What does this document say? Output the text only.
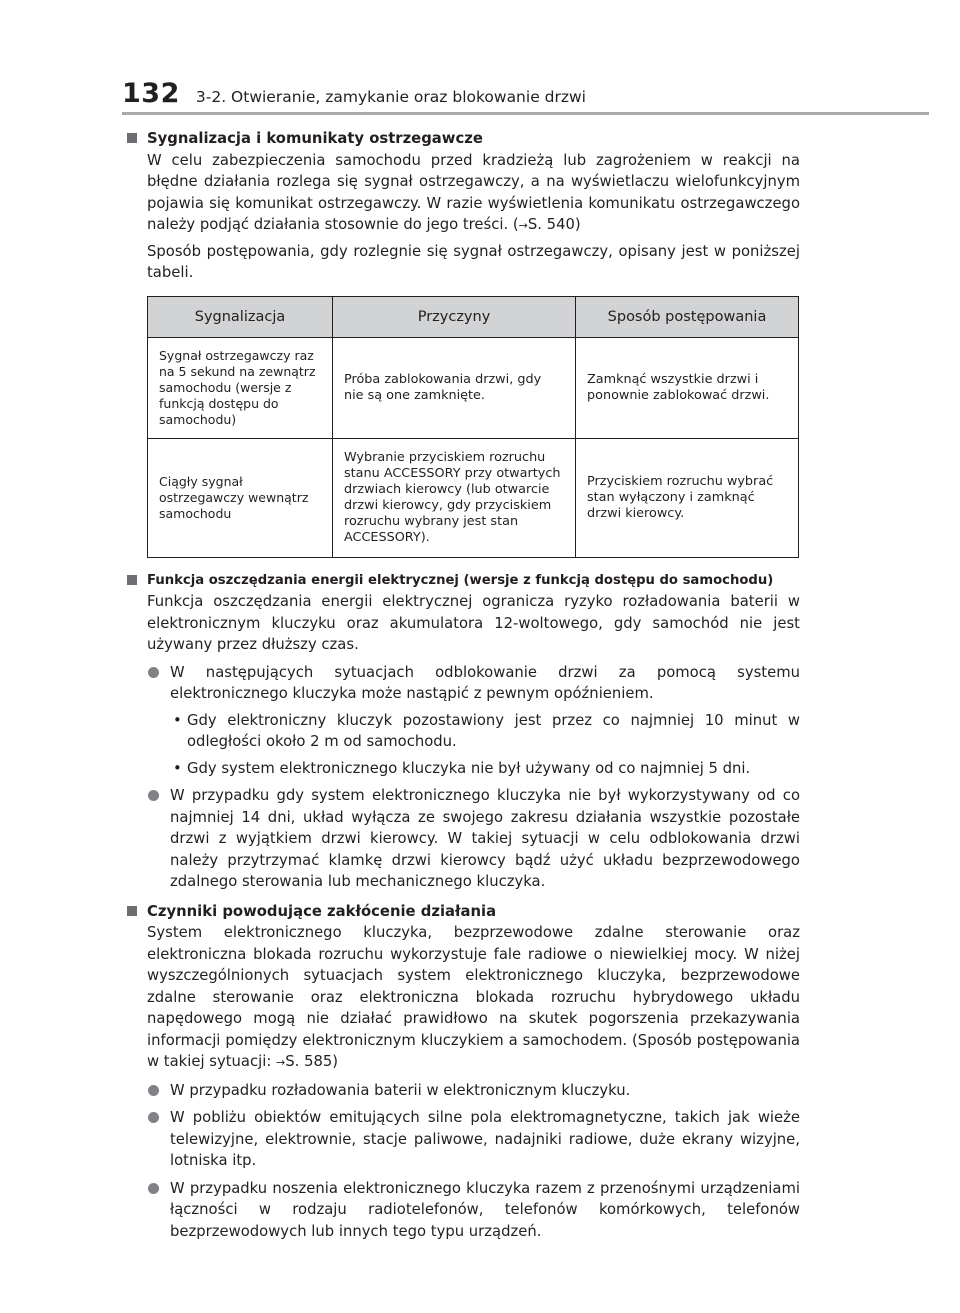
132 3-2. Otwieranie, zamykanie oraz blokowanie drzwi
Sygnalizacja i komunikaty ostrzegawcze
W celu zabezpieczenia samochodu przed kradzieżą lub zagrożeniem w reakcji na błędne działania rozlega się sygnał ostrzegawczy, a na wyświetlaczu wielofunkcyjnym pojawia się komunikat ostrzegawczy. W razie wyświetlenia komunikatu ostrzegawczego należy podjąć działania stosownie do jego treści. (→S. 540)
Sposób postępowania, gdy rozlegnie się sygnał ostrzegawczy, opisany jest w poniższej tabeli.
Sygnalizacja	Przyczyny	Sposób postępowania
Sygnał ostrzegawczy raz na 5 sekund na zewnątrz samochodu (wersje z funkcją dostępu do samochodu)	Próba zablokowania drzwi, gdy nie są one zamknięte.	Zamknąć wszystkie drzwi i ponownie zablokować drzwi.
Ciągły sygnał ostrzegawczy wewnątrz samochodu	Wybranie przyciskiem rozruchu stanu ACCESSORY przy otwartych drzwiach kierowcy (lub otwarcie drzwi kierowcy, gdy przyciskiem rozruchu wybrany jest stan ACCESSORY).	Przyciskiem rozruchu wybrać stan wyłączony i zamknąć drzwi kierowcy.
Funkcja oszczędzania energii elektrycznej (wersje z funkcją dostępu do samochodu)
Funkcja oszczędzania energii elektrycznej ogranicza ryzyko rozładowania baterii w elektronicznym kluczyku oraz akumulatora 12-woltowego, gdy samochód nie jest używany przez dłuższy czas.
W następujących sytuacjach odblokowanie drzwi za pomocą systemu elektronicznego kluczyka może nastąpić z pewnym opóźnieniem.
• Gdy elektroniczny kluczyk pozostawiony jest przez co najmniej 10 minut w odległości około 2 m od samochodu.
• Gdy system elektronicznego kluczyka nie był używany od co najmniej 5 dni.
W przypadku gdy system elektronicznego kluczyka nie był wykorzystywany od co najmniej 14 dni, układ wyłącza ze swojego zakresu działania wszystkie pozostałe drzwi z wyjątkiem drzwi kierowcy. W takiej sytuacji w celu odblokowania drzwi należy przytrzymać klamkę drzwi kierowcy bądź użyć układu bezprzewodowego zdalnego sterowania lub mechanicznego kluczyka.
Czynniki powodujące zakłócenie działania
System elektronicznego kluczyka, bezprzewodowe zdalne sterowanie oraz elektroniczna blokada rozruchu wykorzystuje fale radiowe o niewielkiej mocy. W niżej wyszczególnionych sytuacjach system elektronicznego kluczyka, bezprzewodowe zdalne sterowanie oraz elektroniczna blokada rozruchu hybrydowego układu napędowego mogą nie działać prawidłowo na skutek pogorszenia przekazywania informacji pomiędzy elektronicznym kluczykiem a samochodem. (Sposób postępowania w takiej sytuacji: →S. 585)
W przypadku rozładowania baterii w elektronicznym kluczyku.
W pobliżu obiektów emitujących silne pola elektromagnetyczne, takich jak wieże telewizyjne, elektrownie, stacje paliwowe, nadajniki radiowe, duże ekrany wizyjne, lotniska itp.
W przypadku noszenia elektronicznego kluczyka razem z przenośnymi urządzeniami łączności w rodzaju radiotelefonów, telefonów komórkowych, telefonów bezprzewodowych lub innych tego typu urządzeń.
